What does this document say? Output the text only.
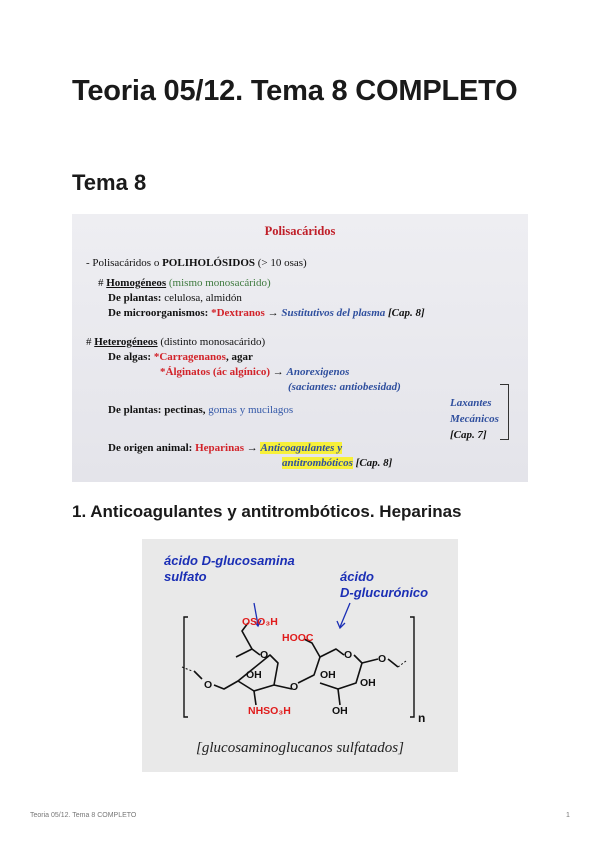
Teoria 05/12. Tema 8 COMPLETO
Tema 8
Polisacáridos
- Polisacáridos o POLIHOLÓSIDOS (> 10 osas)
# Homogéneos (mismo monosacárido)
De plantas: celulosa, almidón
De microorganismos: *Dextranos → Sustitutivos del plasma [Cap. 8]
# Heterogéneos (distinto monosacárido)
De algas: *Carragenanos, agar
*Álginatos (ác algínico) → Anorexigenos
(saciantes: antiobesidad)
De plantas: pectinas, gomas y mucilagos
Laxantes
Mecánicos
[Cap. 7]
De origen animal: Heparinas → Anticoagulantes y
antitrombóticos [Cap. 8]
1. Anticoagulantes y antitrombóticos. Heparinas
ácido D-glucosamina
sulfato	ácido
D-glucurónico
OSO₃H
HOOC
NHSO₃H
O	O
O	O
O
OH	OH
OH
OH	n
[glucosaminoglucanos sulfatados]
Teoria 05/12. Tema 8 COMPLETO	1
